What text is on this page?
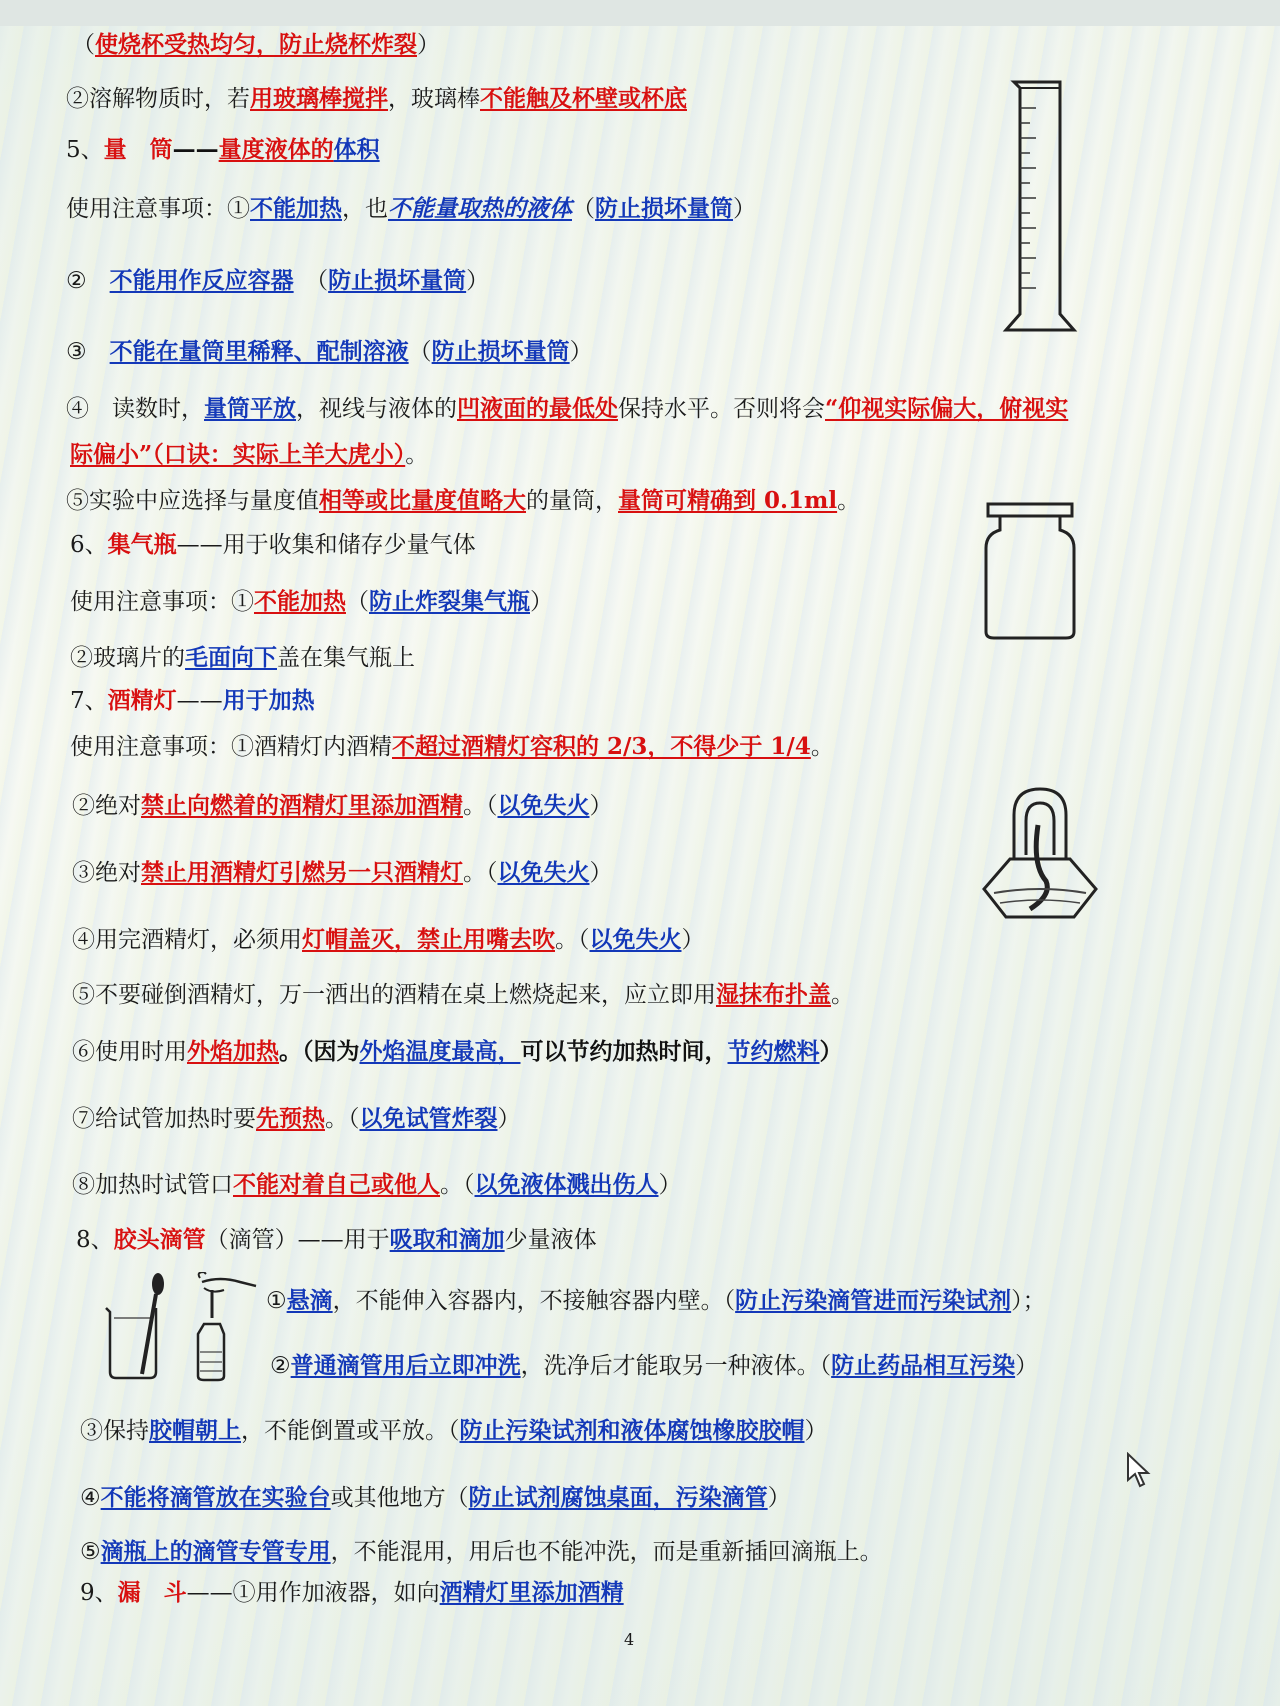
（使烧杯受热均匀，防止烧杯炸裂）
②溶解物质时，若用玻璃棒搅拌，玻璃棒不能触及杯壁或杯底
5、量　筒——量度液体的体积
使用注意事项：①不能加热，也不能量取热的液体（防止损坏量筒）
②　不能用作反应容器　（防止损坏量筒）
③　不能在量筒里稀释、配制溶液（防止损坏量筒）
④　读数时，量筒平放，视线与液体的凹液面的最低处保持水平。否则将会“仰视实际偏大，俯视实
际偏小”（口诀：实际上羊大虎小）。
⑤实验中应选择与量度值相等或比量度值略大的量筒，量筒可精确到 0.1ml。
6、集气瓶——用于收集和储存少量气体
使用注意事项：①不能加热（防止炸裂集气瓶）
②玻璃片的毛面向下盖在集气瓶上
7、酒精灯——用于加热
使用注意事项：①酒精灯内酒精不超过酒精灯容积的 2/3，不得少于 1/4。
②绝对禁止向燃着的酒精灯里添加酒精。（以免失火）
③绝对禁止用酒精灯引燃另一只酒精灯。（以免失火）
④用完酒精灯，必须用灯帽盖灭，禁止用嘴去吹。（以免失火）
⑤不要碰倒酒精灯，万一洒出的酒精在桌上燃烧起来，应立即用湿抹布扑盖。
⑥使用时用外焰加热。（因为外焰温度最高，可以节约加热时间，节约燃料）
⑦给试管加热时要先预热。（以免试管炸裂）
⑧加热时试管口不能对着自己或他人。（以免液体溅出伤人）
8、胶头滴管（滴管）——用于吸取和滴加少量液体
①悬滴，不能伸入容器内，不接触容器内壁。（防止污染滴管进而污染试剂）；
②普通滴管用后立即冲洗，洗净后才能取另一种液体。（防止药品相互污染）
③保持胶帽朝上，不能倒置或平放。（防止污染试剂和液体腐蚀橡胶胶帽）
④不能将滴管放在实验台或其他地方（防止试剂腐蚀桌面，污染滴管）
⑤滴瓶上的滴管专管专用，不能混用，用后也不能冲洗，而是重新插回滴瓶上。
9、漏　斗——①用作加液器，如向酒精灯里添加酒精
4
